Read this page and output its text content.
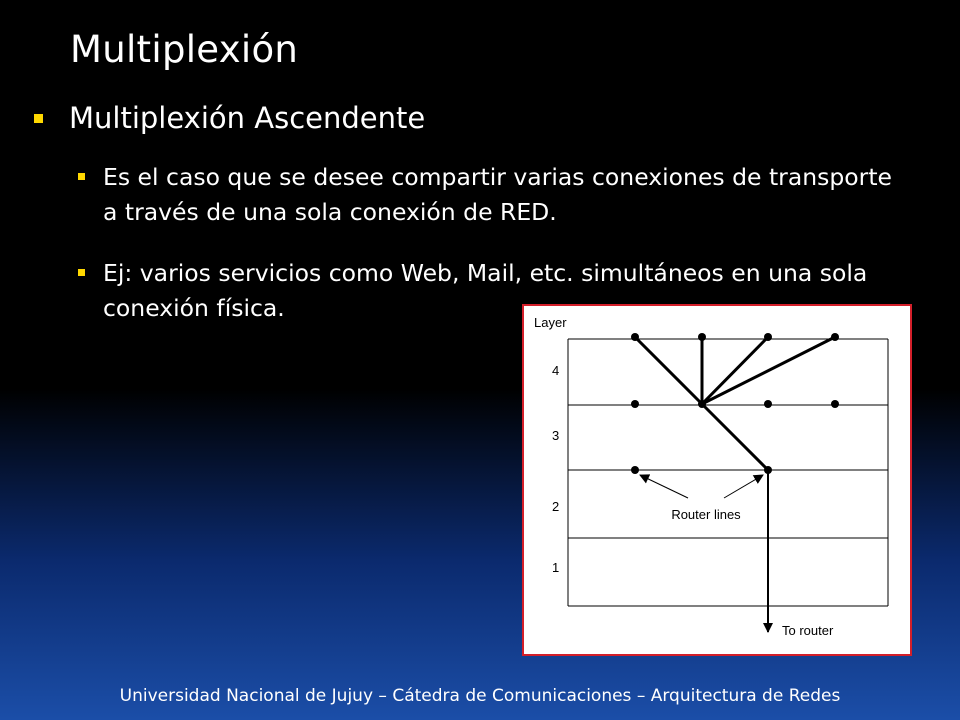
Multiplexión
Multiplexión Ascendente
Es el caso que se desee compartir varias conexiones de transporte a través de una sola conexión de RED.
Ej: varios servicios como Web, Mail, etc. simultáneos en una sola conexión física.
Layer
4
3
2
1
Router lines
To router
Universidad Nacional de Jujuy – Cátedra de Comunicaciones – Arquitectura de Redes
